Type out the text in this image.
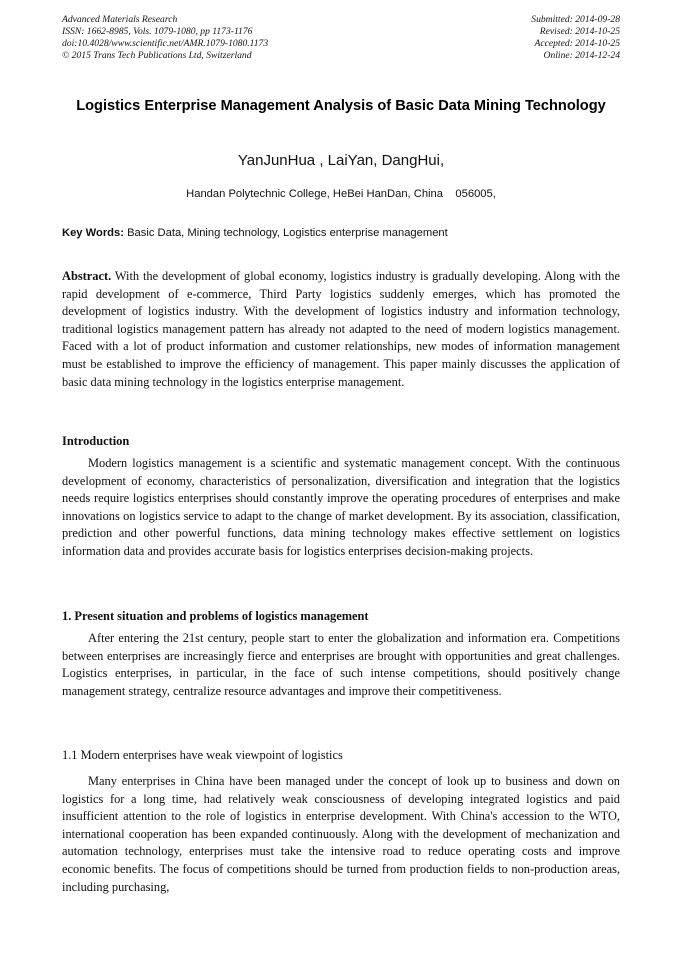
Advanced Materials Research
ISSN: 1662-8985, Vols. 1079-1080, pp 1173-1176
doi:10.4028/www.scientific.net/AMR.1079-1080.1173
© 2015 Trans Tech Publications Ltd, Switzerland
Submitted: 2014-09-28
Revised: 2014-10-25
Accepted: 2014-10-25
Online: 2014-12-24
Logistics Enterprise Management Analysis of Basic Data Mining Technology
YanJunHua , LaiYan, DangHui,
Handan Polytechnic College, HeBei HanDan, China    056005,
Key Words: Basic Data, Mining technology, Logistics enterprise management
Abstract. With the development of global economy, logistics industry is gradually developing. Along with the rapid development of e-commerce, Third Party logistics suddenly emerges, which has promoted the development of logistics industry. With the development of logistics industry and information technology, traditional logistics management pattern has already not adapted to the need of modern logistics management. Faced with a lot of product information and customer relationships, new modes of information management must be established to improve the efficiency of management. This paper mainly discusses the application of basic data mining technology in the logistics enterprise management.
Introduction
Modern logistics management is a scientific and systematic management concept. With the continuous development of economy, characteristics of personalization, diversification and integration that the logistics needs require logistics enterprises should constantly improve the operating procedures of enterprises and make innovations on logistics service to adapt to the change of market development. By its association, classification, prediction and other powerful functions, data mining technology makes effective settlement on logistics information data and provides accurate basis for logistics enterprises decision-making projects.
1. Present situation and problems of logistics management
After entering the 21st century, people start to enter the globalization and information era. Competitions between enterprises are increasingly fierce and enterprises are brought with opportunities and great challenges. Logistics enterprises, in particular, in the face of such intense competitions, should positively change management strategy, centralize resource advantages and improve their competitiveness.
1.1 Modern enterprises have weak viewpoint of logistics
Many enterprises in China have been managed under the concept of look up to business and down on logistics for a long time, had relatively weak consciousness of developing integrated logistics and paid insufficient attention to the role of logistics in enterprise development. With China's accession to the WTO, international cooperation has been expanded continuously. Along with the development of mechanization and automation technology, enterprises must take the intensive road to reduce operating costs and improve economic benefits. The focus of competitions should be turned from production fields to non-production areas, including purchasing,
